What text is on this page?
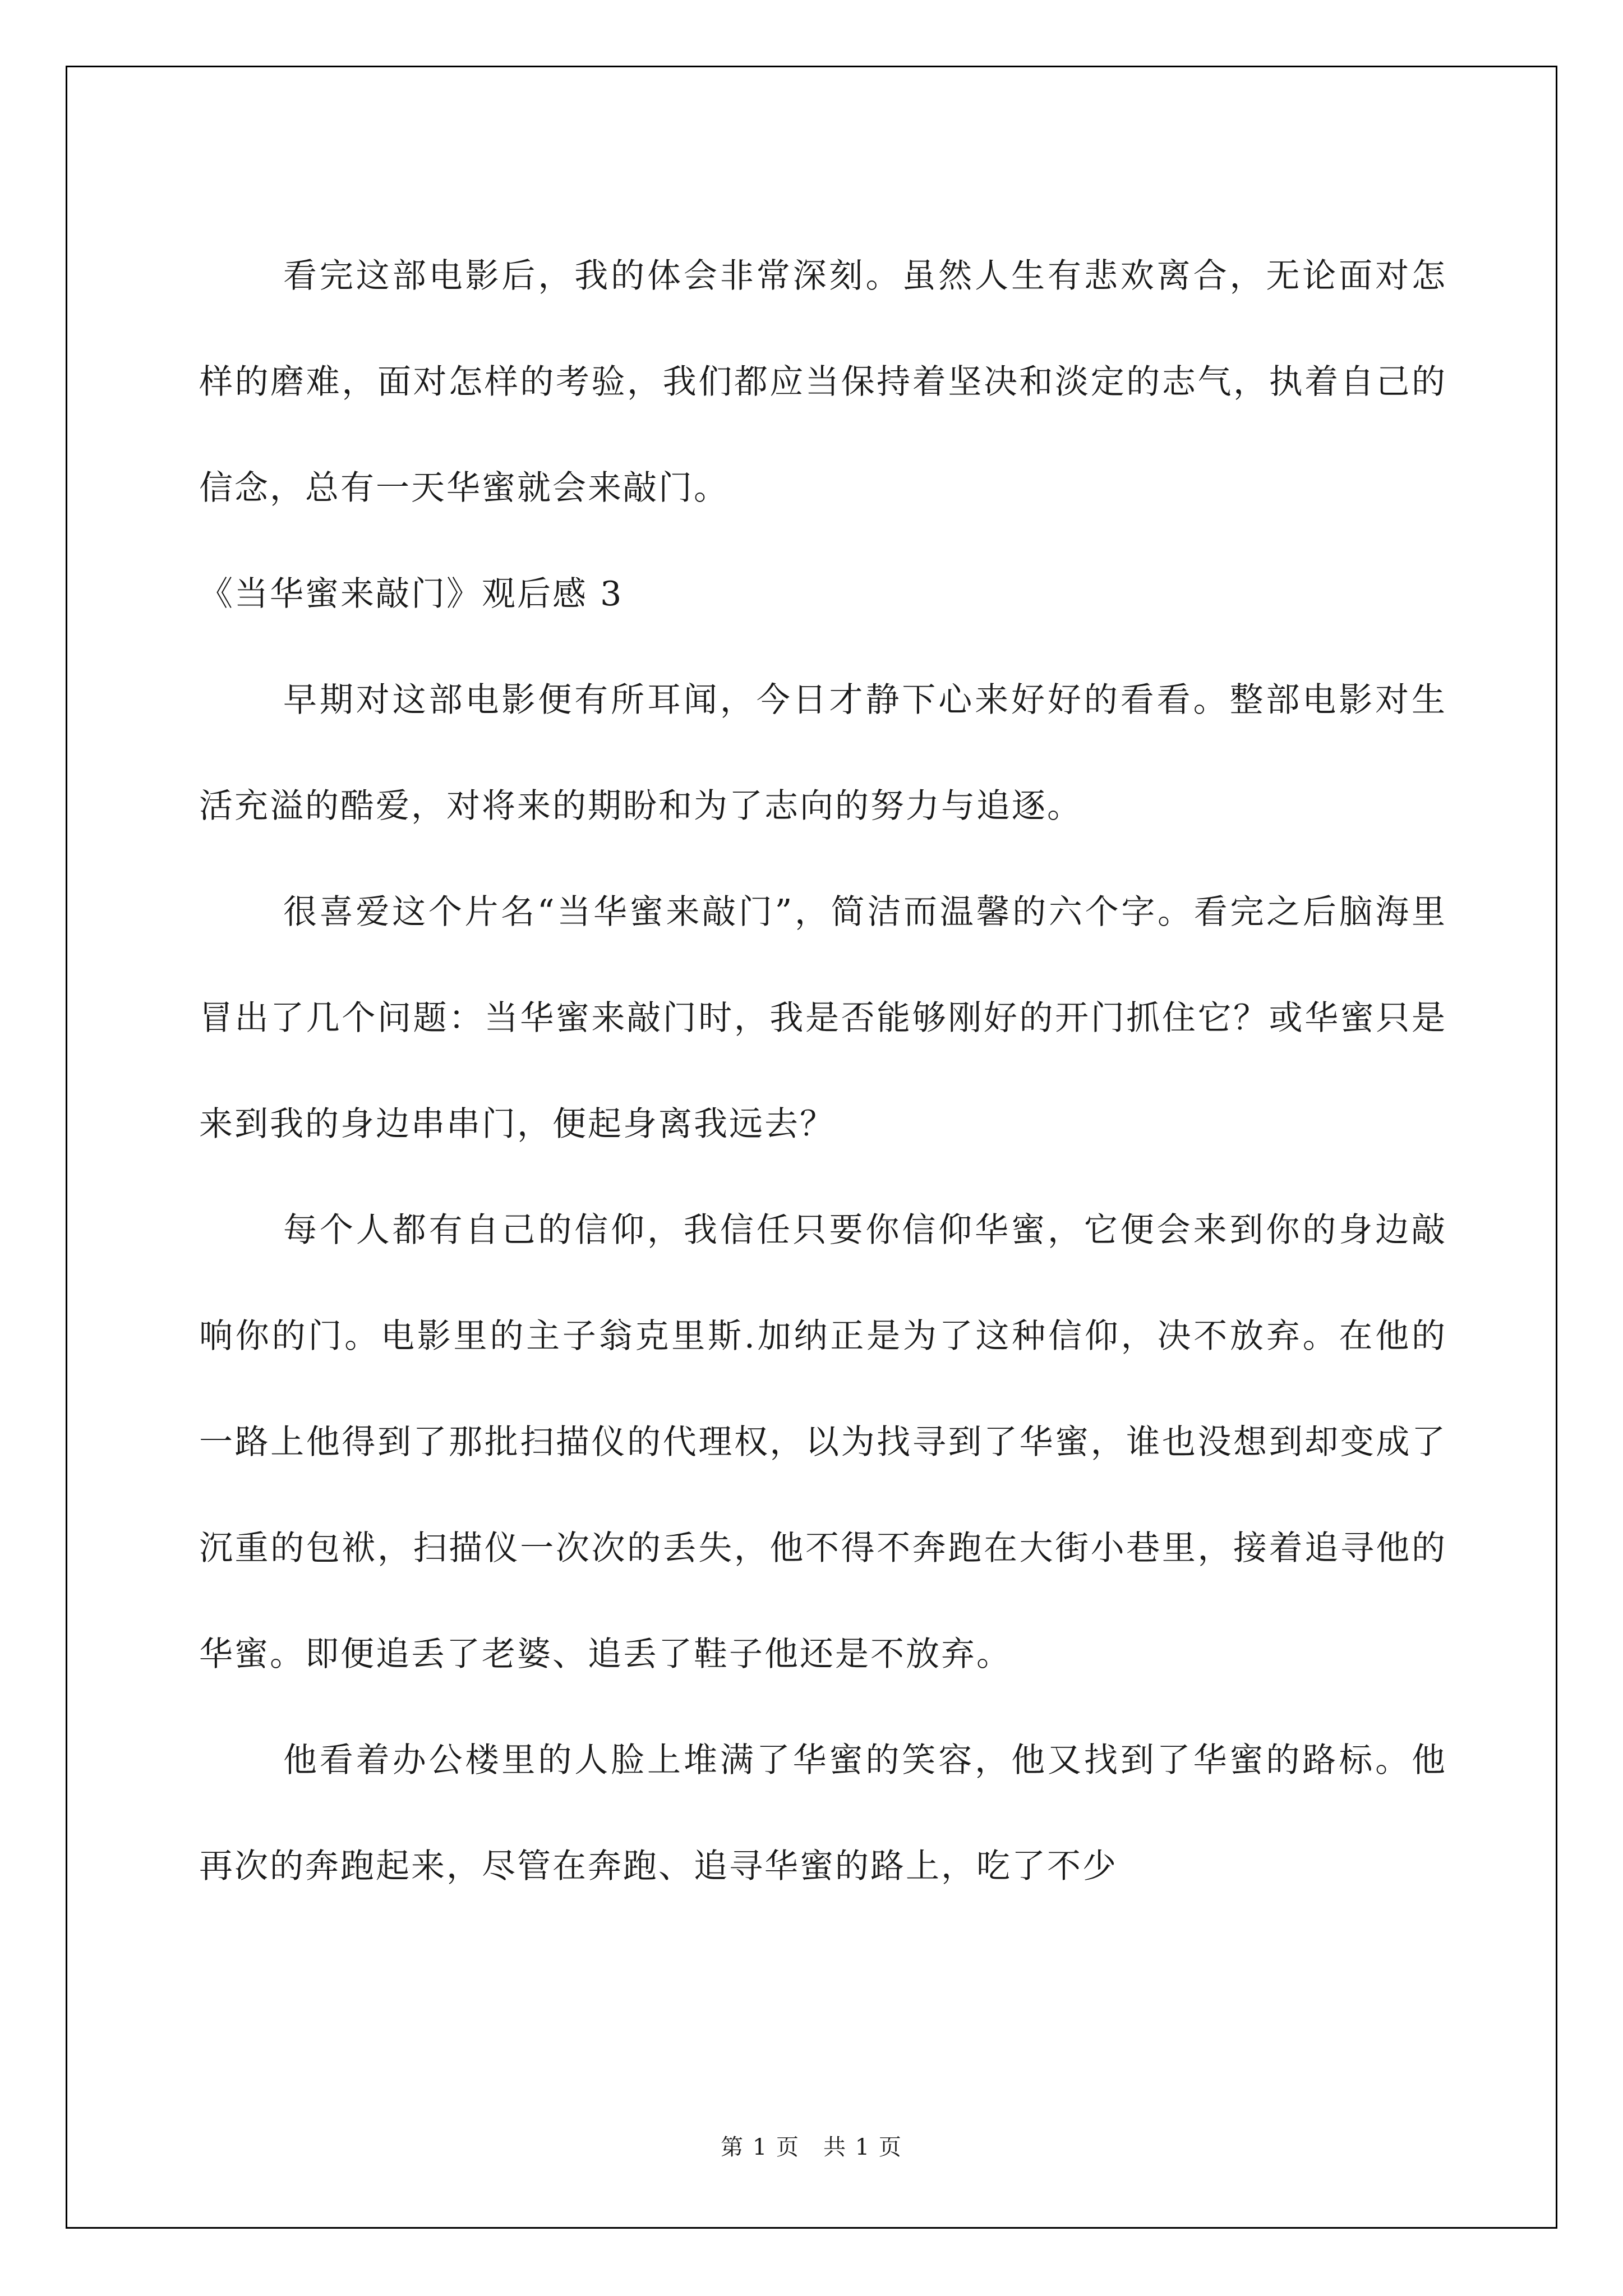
看完这部电影后，我的体会非常深刻。虽然人生有悲欢离合，无论面对怎样的磨难，面对怎样的考验，我们都应当保持着坚决和淡定的志气，执着自己的信念，总有一天华蜜就会来敲门。

《当华蜜来敲门》观后感 3

早期对这部电影便有所耳闻，今日才静下心来好好的看看。整部电影对生活充溢的酷爱，对将来的期盼和为了志向的努力与追逐。

很喜爱这个片名“当华蜜来敲门”，简洁而温馨的六个字。看完之后脑海里冒出了几个问题：当华蜜来敲门时，我是否能够刚好的开门抓住它？或华蜜只是来到我的身边串串门，便起身离我远去？

每个人都有自己的信仰，我信任只要你信仰华蜜，它便会来到你的身边敲响你的门。电影里的主子翁克里斯.加纳正是为了这种信仰，决不放弃。在他的一路上他得到了那批扫描仪的代理权，以为找寻到了华蜜，谁也没想到却变成了沉重的包袱，扫描仪一次次的丢失，他不得不奔跑在大街小巷里，接着追寻他的华蜜。即便追丢了老婆、追丢了鞋子他还是不放弃。

他看着办公楼里的人脸上堆满了华蜜的笑容，他又找到了华蜜的路标。他再次的奔跑起来，尽管在奔跑、追寻华蜜的路上，吃了不少

第 1 页　共 1 页
